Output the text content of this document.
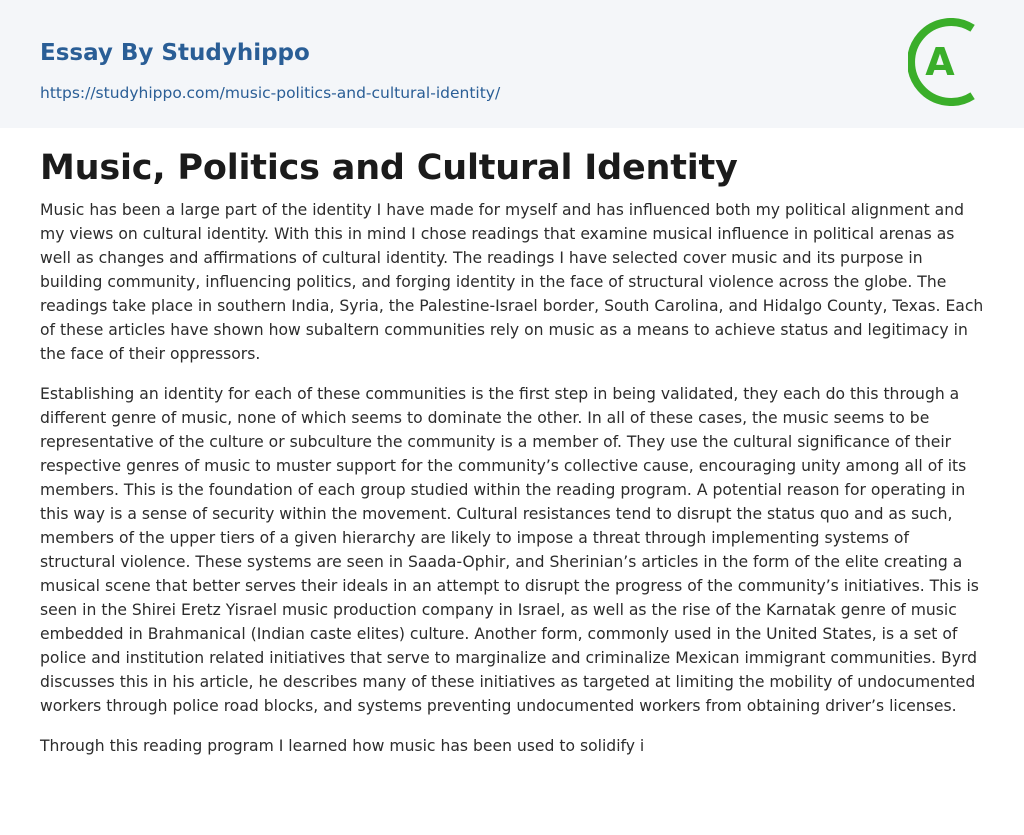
Essay By Studyhippo
https://studyhippo.com/music-politics-and-cultural-identity/
A
Music, Politics and Cultural Identity

Music has been a large part of the identity I have made for myself and has influenced both my political alignment and my views on cultural identity. With this in mind I chose readings that examine musical influence in political arenas as well as changes and affirmations of cultural identity. The readings I have selected cover music and its purpose in building community, influencing politics, and forging identity in the face of structural violence across the globe. The readings take place in southern India, Syria, the Palestine-Israel border, South Carolina, and Hidalgo County, Texas. Each of these articles have shown how subaltern communities rely on music as a means to achieve status and legitimacy in the face of their oppressors.

Establishing an identity for each of these communities is the first step in being validated, they each do this through a different genre of music, none of which seems to dominate the other. In all of these cases, the music seems to be representative of the culture or subculture the community is a member of. They use the cultural significance of their respective genres of music to muster support for the community’s collective cause, encouraging unity among all of its members. This is the foundation of each group studied within the reading program. A potential reason for operating in this way is a sense of security within the movement. Cultural resistances tend to disrupt the status quo and as such, members of the upper tiers of a given hierarchy are likely to impose a threat through implementing systems of structural violence. These systems are seen in Saada-Ophir, and Sherinian’s articles in the form of the elite creating a musical scene that better serves their ideals in an attempt to disrupt the progress of the community’s initiatives. This is seen in the Shirei Eretz Yisrael music production company in Israel, as well as the rise of the Karnatak genre of music embedded in Brahmanical (Indian caste elites) culture. Another form, commonly used in the United States, is a set of police and institution related initiatives that serve to marginalize and criminalize Mexican immigrant communities. Byrd discusses this in his article, he describes many of these initiatives as targeted at limiting the mobility of undocumented workers through police road blocks, and systems preventing undocumented workers from obtaining driver’s licenses.

Through this reading program I learned how music has been used to solidify i
